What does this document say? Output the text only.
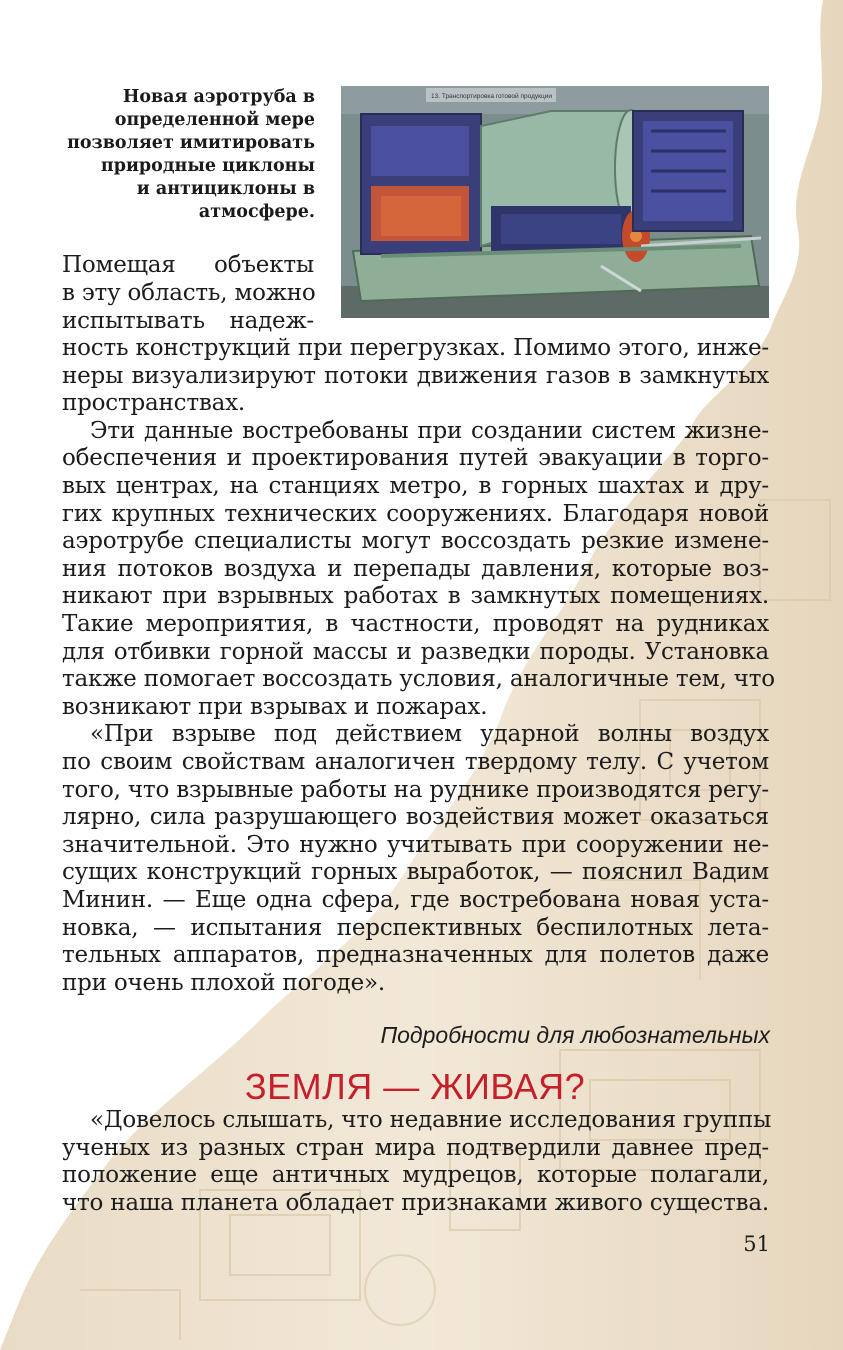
Новая аэротруба в
определенной мере
позволяет имитировать
природные циклоны
и антициклоны в
атмосфере.
13. Транспортировка готовой продукции
Помещая объекты
в эту область, можно
испытывать надеж-
ность конструкций при перегрузках. Помимо этого, инже-
неры визуализируют потоки движения газов в замкнутых
пространствах.
Эти данные востребованы при создании систем жизне-
обеспечения и проектирования путей эвакуации в торго-
вых центрах, на станциях метро, в горных шахтах и дру-
гих крупных технических сооружениях. Благодаря новой
аэротрубе специалисты могут воссоздать резкие измене-
ния потоков воздуха и перепады давления, которые воз-
никают при взрывных работах в замкнутых помещениях.
Такие мероприятия, в частности, проводят на рудниках
для отбивки горной массы и разведки породы. Установка
также помогает воссоздать условия, аналогичные тем, что
возникают при взрывах и пожарах.
«При взрыве под действием ударной волны воздух
по своим свойствам аналогичен твердому телу. С учетом
того, что взрывные работы на руднике производятся регу-
лярно, сила разрушающего воздействия может оказаться
значительной. Это нужно учитывать при сооружении не-
сущих конструкций горных выработок, — пояснил Вадим
Минин. — Еще одна сфера, где востребована новая уста-
новка, — испытания перспективных беспилотных лета-
тельных аппаратов, предназначенных для полетов даже
при очень плохой погоде».
Подробности для любознательных
ЗЕМЛЯ — ЖИВАЯ?
«Довелось слышать, что недавние исследования группы
ученых из разных стран мира подтвердили давнее пред-
положение еще античных мудрецов, которые полагали,
что наша планета обладает признаками живого существа.
51
